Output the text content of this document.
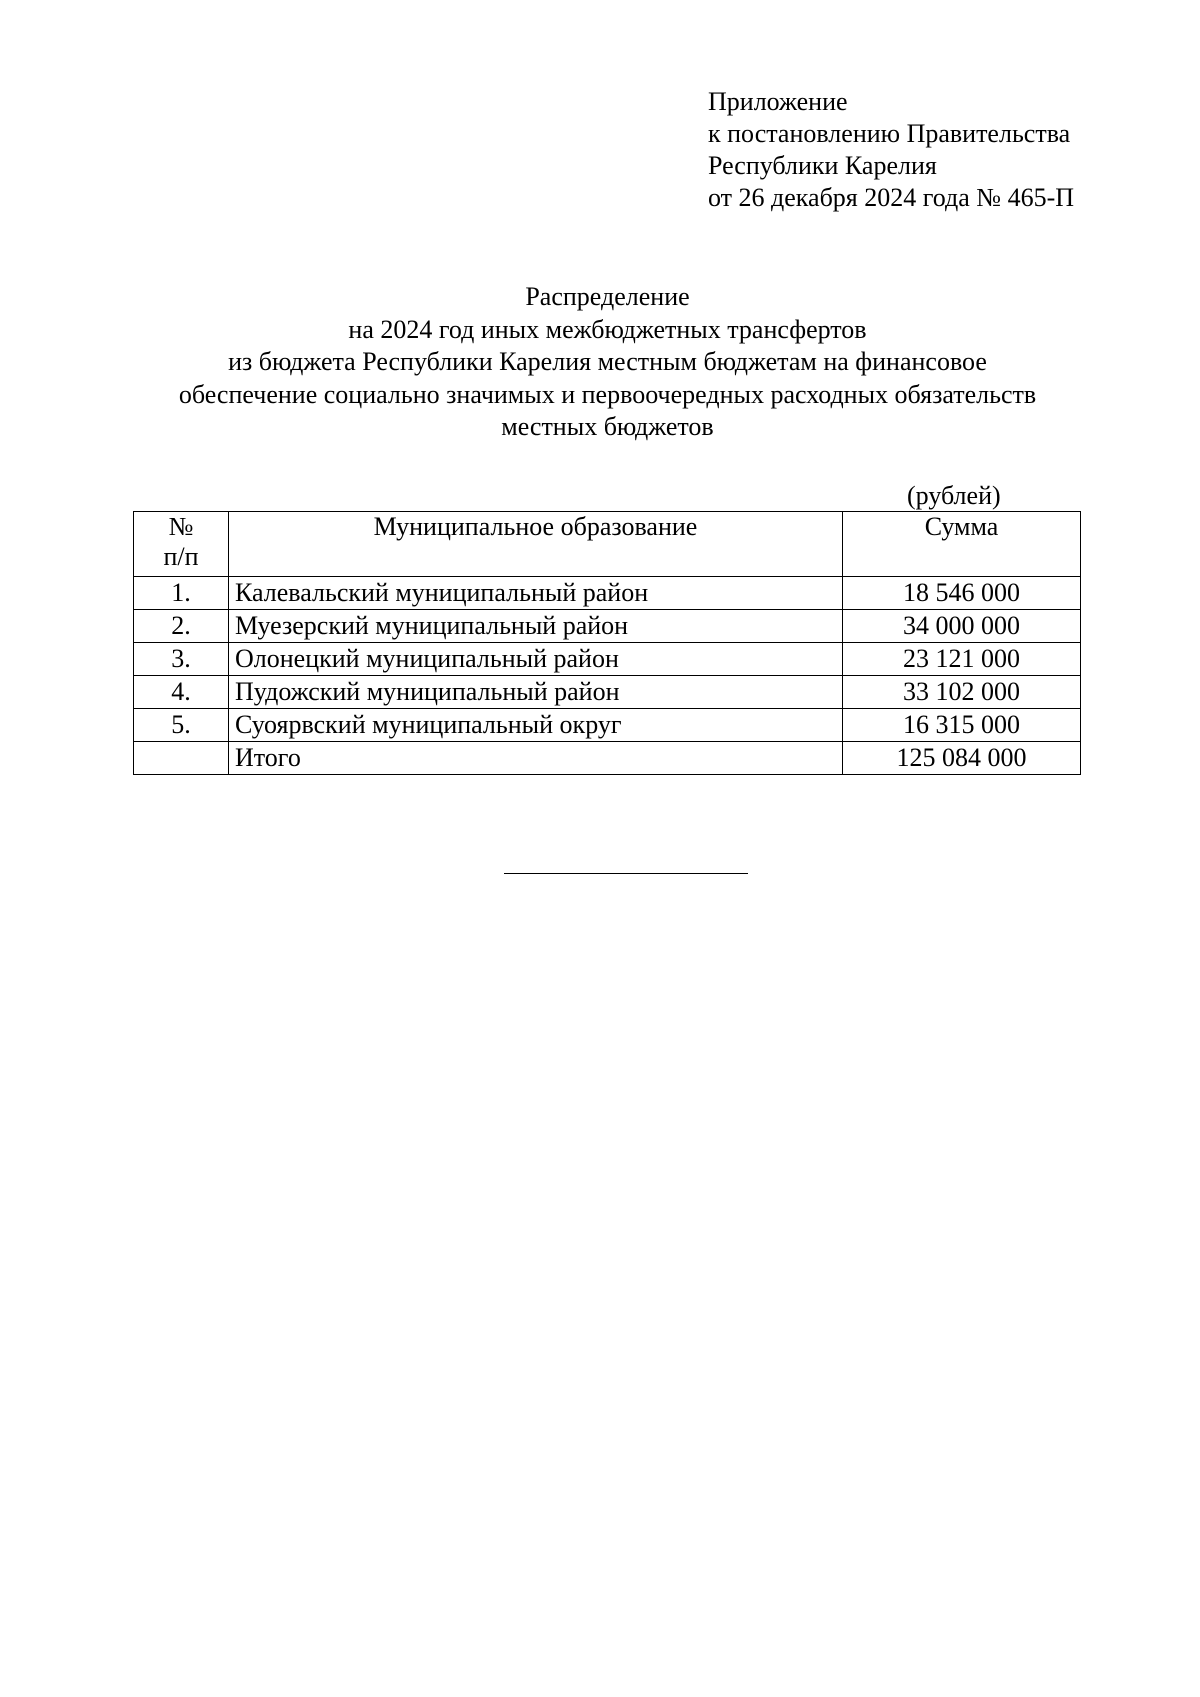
Приложение
к постановлению Правительства
Республики Карелия
от 26 декабря 2024 года № 465-П
Распределение
на 2024 год иных межбюджетных трансфертов
из бюджета Республики Карелия местным бюджетам на финансовое
обеспечение социально значимых и первоочередных расходных обязательств
местных бюджетов
(рублей)
№
п/п	Муниципальное образование	Сумма
1.	Калевальский муниципальный район	18 546 000
2.	Муезерский муниципальный район	34 000 000
3.	Олонецкий муниципальный район	23 121 000
4.	Пудожский муниципальный район	33 102 000
5.	Суоярвский муниципальный округ	16 315 000
	Итого	125 084 000
